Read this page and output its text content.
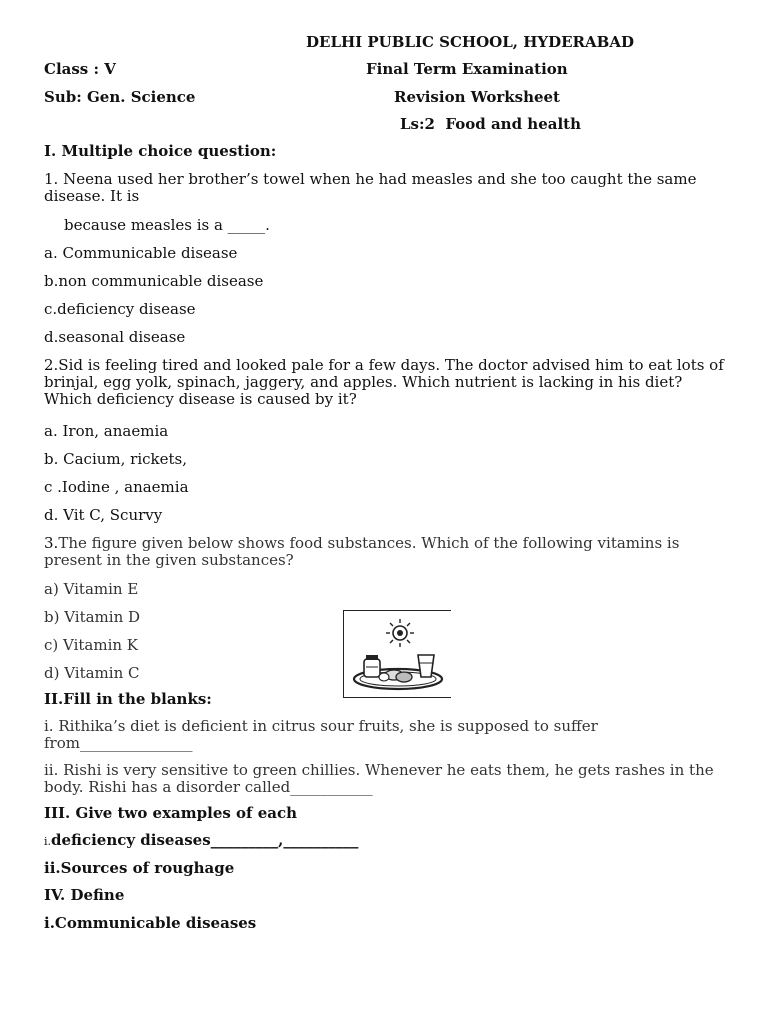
DELHI PUBLIC SCHOOL, HYDERABAD
Class : V	Final Term Examination
Sub: Gen. Science	Revision Worksheet
Ls:2  Food and health
I. Multiple choice question:
1. Neena used her brother’s towel when he had measles and she too caught the same disease. It is
because measles is a _____.
a. Communicable disease
b.non communicable disease
c.deficiency disease
d.seasonal disease
2.Sid is feeling tired and looked pale for a few days. The doctor advised him to eat lots of brinjal, egg yolk, spinach, jaggery, and apples. Which nutrient is lacking in his diet? Which deficiency disease is caused by it?
a. Iron, anaemia
b. Cacium, rickets,
c .Iodine , anaemia
d. Vit C, Scurvy
3.The figure given below shows food substances. Which of the following vitamins is present in the given substances?
a) Vitamin E
b) Vitamin D
c) Vitamin K
d) Vitamin C
II.Fill in the blanks:
i. Rithika’s diet is deficient in citrus sour fruits, she is supposed to suffer from_______________
ii. Rishi is very sensitive to green chillies. Whenever he eats them, he gets rashes in the body. Rishi has a disorder called___________
III. Give two examples of each
i.deficiency diseases_________,__________
ii.Sources of roughage
IV. Define
i.Communicable diseases
